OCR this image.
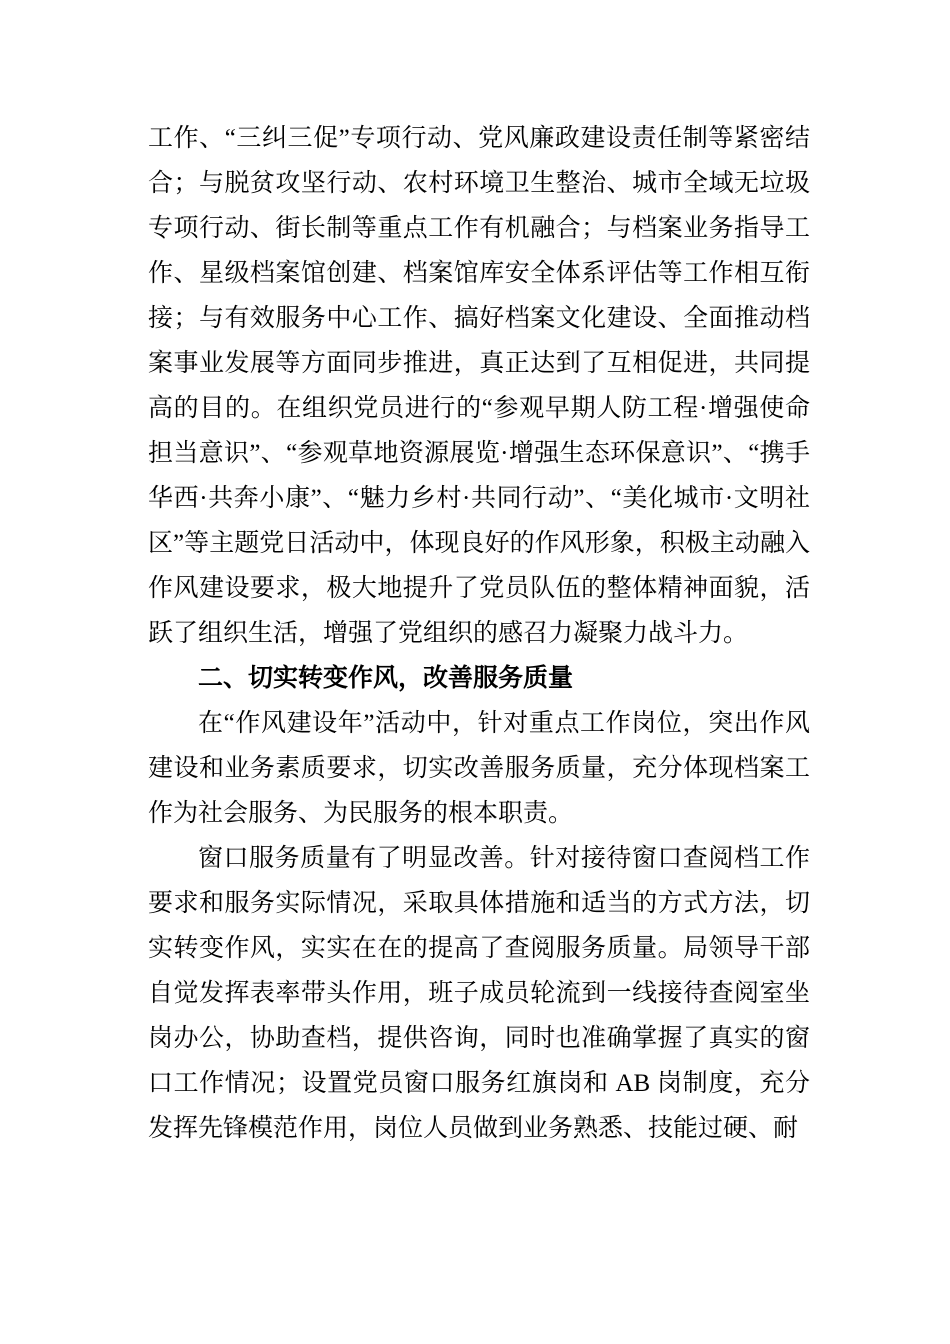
工作、“三纠三促”专项行动、党风廉政建设责任制等紧密结合；与脱贫攻坚行动、农村环境卫生整治、城市全域无垃圾专项行动、街长制等重点工作有机融合；与档案业务指导工作、星级档案馆创建、档案馆库安全体系评估等工作相互衔接；与有效服务中心工作、搞好档案文化建设、全面推动档案事业发展等方面同步推进，真正达到了互相促进，共同提高的目的。在组织党员进行的“参观早期人防工程·增强使命担当意识”、“参观草地资源展览·增强生态环保意识”、“携手华西·共奔小康”、“魅力乡村·共同行动”、“美化城市·文明社区”等主题党日活动中，体现良好的作风形象，积极主动融入作风建设要求，极大地提升了党员队伍的整体精神面貌，活跃了组织生活，增强了党组织的感召力凝聚力战斗力。

二、切实转变作风，改善服务质量

在“作风建设年”活动中，针对重点工作岗位，突出作风建设和业务素质要求，切实改善服务质量，充分体现档案工作为社会服务、为民服务的根本职责。

窗口服务质量有了明显改善。针对接待窗口查阅档工作要求和服务实际情况，采取具体措施和适当的方式方法，切实转变作风，实实在在的提高了查阅服务质量。局领导干部自觉发挥表率带头作用，班子成员轮流到一线接待查阅室坐岗办公，协助查档，提供咨询，同时也准确掌握了真实的窗口工作情况；设置党员窗口服务红旗岗和 AB 岗制度，充分发挥先锋模范作用，岗位人员做到业务熟悉、技能过硬、耐
